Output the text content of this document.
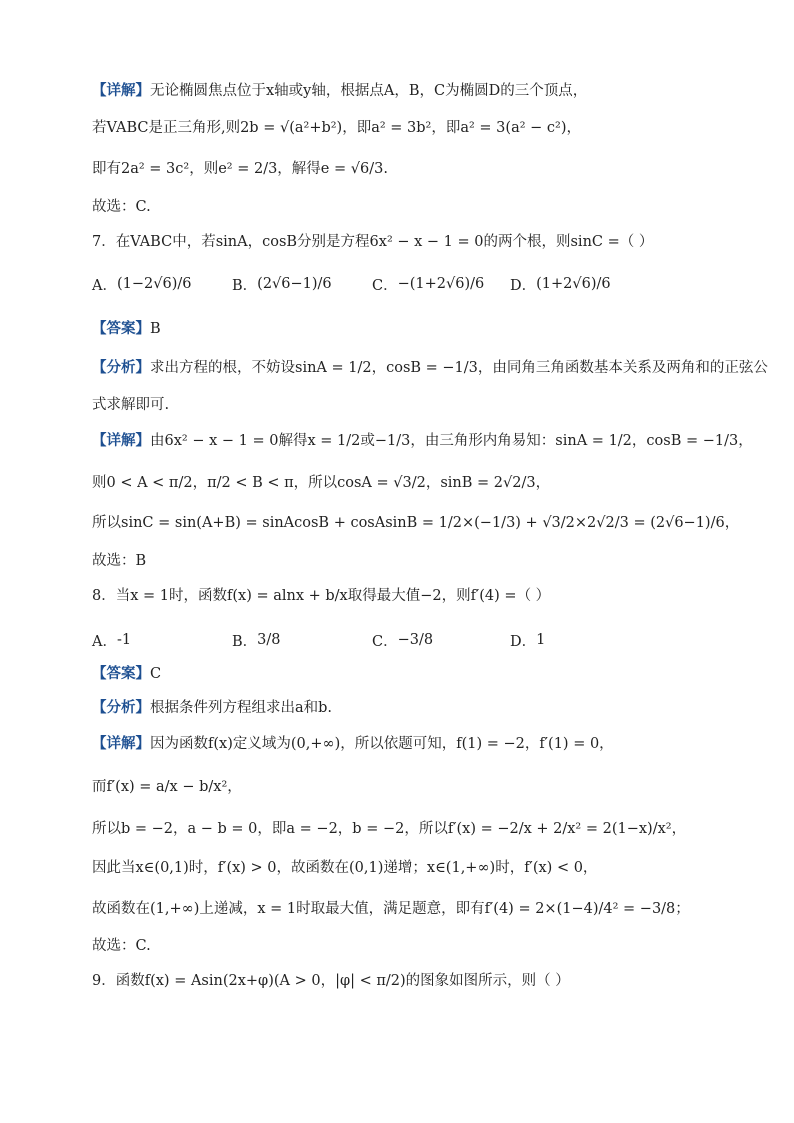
【详解】 无论椭圆焦点位于x轴或y轴，根据点A，B，C为椭圆D的三个顶点，
若VABC是正三角形,则2b = √(a²+b²)，即a² = 3b²，即a² = 3(a² − c²)，
即有2a² = 3c²，则e² = 2/3，解得e = √6/3.
故选：C.
7．在VABC中，若sinA，cosB分别是方程6x² − x − 1 = 0的两个根，则sinC =（ ）
A． (1−2√6)/6	B． (2√6−1)/6	C． −(1+2√6)/6 D． (1+2√6)/6
【答案】 B
【分析】 求出方程的根，不妨设sinA = 1/2，cosB = −1/3，由同角三角函数基本关系及两角和的正弦公
式求解即可.
【详解】 由6x² − x − 1 = 0解得x = 1/2或−1/3，由三角形内角易知：sinA = 1/2，cosB = −1/3，
则0 < A < π/2，π/2 < B < π，所以cosA = √3/2，sinB = 2√2/3，
所以sinC = sin(A+B) = sinAcosB + cosAsinB = 1/2×(−1/3) + √3/2×2√2/3 = (2√6−1)/6，
故选：B
8．当x = 1时，函数f(x) = alnx + b/x取得最大值−2，则f′(4) =（ ）
A． -1	B． 3/8	C． −3/8	D． 1
【答案】 C
【分析】 根据条件列方程组求出a和b.
【详解】 因为函数f(x)定义域为(0,+∞)，所以依题可知，f(1) = −2，f′(1) = 0，
而f′(x) = a/x − b/x²，
所以b = −2，a − b = 0，即a = −2，b = −2，所以f′(x) = −2/x + 2/x² = 2(1−x)/x²，
因此当x∈(0,1)时，f′(x) > 0，故函数在(0,1)递增；x∈(1,+∞)时，f′(x) < 0，
故函数在(1,+∞)上递减，x = 1时取最大值，满足题意，即有f′(4) = 2×(1−4)/4² = −3/8；
故选：C.
9．函数f(x) = Asin(2x+φ)(A > 0，|φ| < π/2)的图象如图所示，则（ ）
